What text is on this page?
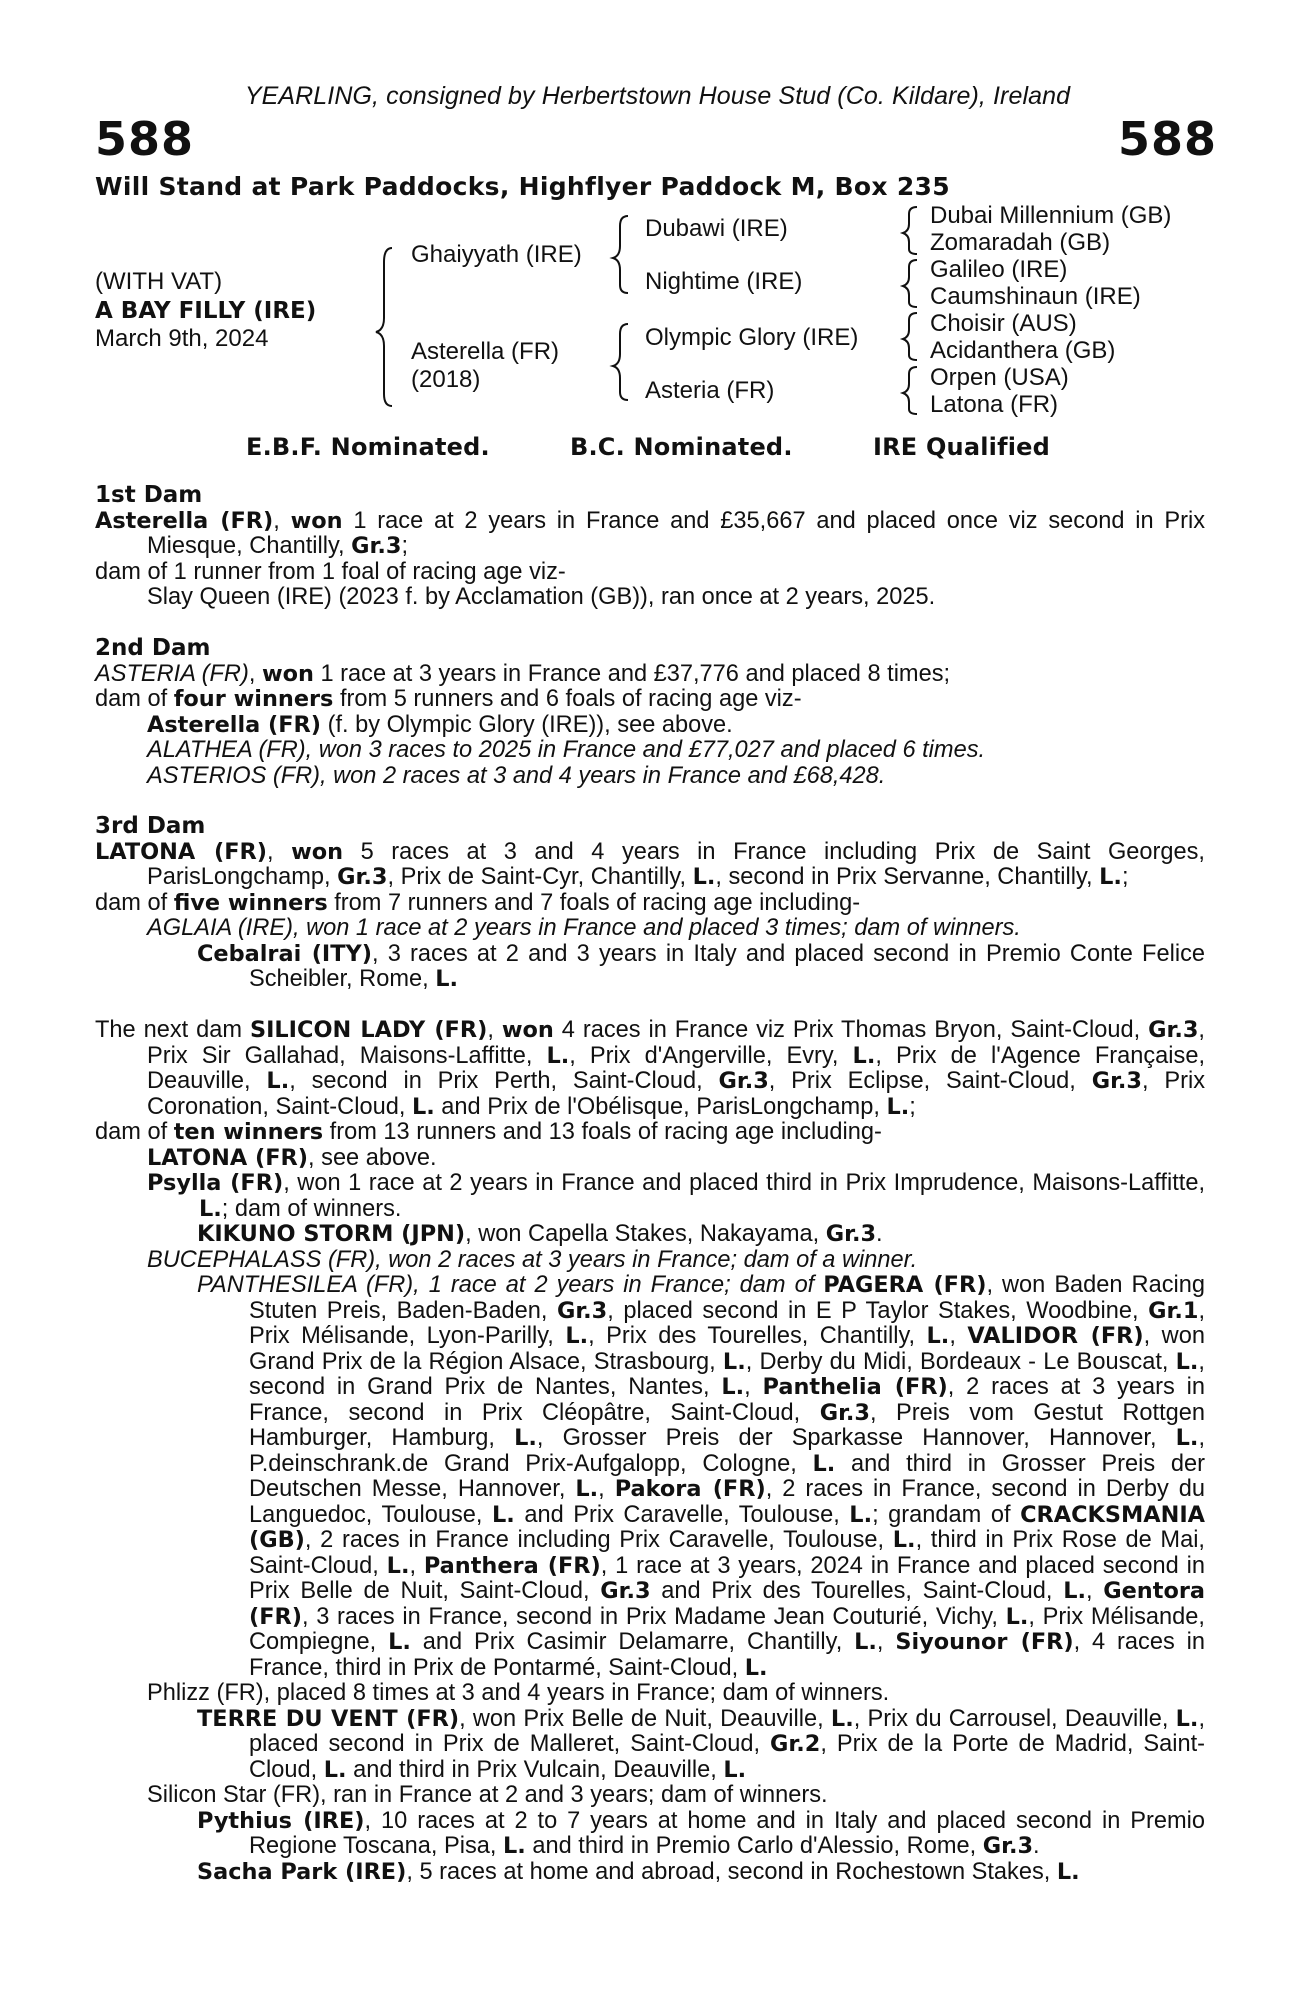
YEARLING, consigned by Herbertstown House Stud (Co. Kildare), Ireland
588	588
Will Stand at Park Paddocks, Highflyer Paddock M, Box 235
(WITH VAT)
A BAY FILLY (IRE)
March 9th, 2024
Ghaiyyath (IRE)
Asterella (FR)
(2018)
Dubawi (IRE)
Nightime (IRE)
Olympic Glory (IRE)
Asteria (FR)
Dubai Millennium (GB)
Zomaradah (GB)
Galileo (IRE)
Caumshinaun (IRE)
Choisir (AUS)
Acidanthera (GB)
Orpen (USA)
Latona (FR)
E.B.F. Nominated.	B.C. Nominated.	IRE Qualified
1st Dam
Asterella (FR), won 1 race at 2 years in France and £35,667 and placed once viz second in Prix Miesque, Chantilly, Gr.3;
dam of 1 runner from 1 foal of racing age viz-
Slay Queen (IRE) (2023 f. by Acclamation (GB)), ran once at 2 years, 2025.
2nd Dam
ASTERIA (FR), won 1 race at 3 years in France and £37,776 and placed 8 times;
dam of four winners from 5 runners and 6 foals of racing age viz-
Asterella (FR) (f. by Olympic Glory (IRE)), see above.
ALATHEA (FR), won 3 races to 2025 in France and £77,027 and placed 6 times.
ASTERIOS (FR), won 2 races at 3 and 4 years in France and £68,428.
3rd Dam
LATONA (FR), won 5 races at 3 and 4 years in France including Prix de Saint Georges, ParisLongchamp, Gr.3, Prix de Saint-Cyr, Chantilly, L., second in Prix Servanne, Chantilly, L.;
dam of five winners from 7 runners and 7 foals of racing age including-
AGLAIA (IRE), won 1 race at 2 years in France and placed 3 times; dam of winners.
Cebalrai (ITY), 3 races at 2 and 3 years in Italy and placed second in Premio Conte Felice Scheibler, Rome, L.
The next dam SILICON LADY (FR), won 4 races in France viz Prix Thomas Bryon, Saint-Cloud, Gr.3, Prix Sir Gallahad, Maisons-Laffitte, L., Prix d'Angerville, Evry, L., Prix de l'Agence Française, Deauville, L., second in Prix Perth, Saint-Cloud, Gr.3, Prix Eclipse, Saint-Cloud, Gr.3, Prix Coronation, Saint-Cloud, L. and Prix de l'Obélisque, ParisLongchamp, L.;
dam of ten winners from 13 runners and 13 foals of racing age including-
LATONA (FR), see above.
Psylla (FR), won 1 race at 2 years in France and placed third in Prix Imprudence, Maisons-Laffitte, L.; dam of winners.
KIKUNO STORM (JPN), won Capella Stakes, Nakayama, Gr.3.
BUCEPHALASS (FR), won 2 races at 3 years in France; dam of a winner.
PANTHESILEA (FR), 1 race at 2 years in France; dam of PAGERA (FR), won Baden Racing Stuten Preis, Baden-Baden, Gr.3, placed second in E P Taylor Stakes, Woodbine, Gr.1, Prix Mélisande, Lyon-Parilly, L., Prix des Tourelles, Chantilly, L., VALIDOR (FR), won Grand Prix de la Région Alsace, Strasbourg, L., Derby du Midi, Bordeaux - Le Bouscat, L., second in Grand Prix de Nantes, Nantes, L., Panthelia (FR), 2 races at 3 years in France, second in Prix Cléopâtre, Saint-Cloud, Gr.3, Preis vom Gestut Rottgen Hamburger, Hamburg, L., Grosser Preis der Sparkasse Hannover, Hannover, L., P.deinschrank.de Grand Prix-Aufgalopp, Cologne, L. and third in Grosser Preis der Deutschen Messe, Hannover, L., Pakora (FR), 2 races in France, second in Derby du Languedoc, Toulouse, L. and Prix Caravelle, Toulouse, L.; grandam of CRACKSMANIA (GB), 2 races in France including Prix Caravelle, Toulouse, L., third in Prix Rose de Mai, Saint-Cloud, L., Panthera (FR), 1 race at 3 years, 2024 in France and placed second in Prix Belle de Nuit, Saint-Cloud, Gr.3 and Prix des Tourelles, Saint-Cloud, L., Gentora (FR), 3 races in France, second in Prix Madame Jean Couturié, Vichy, L., Prix Mélisande, Compiegne, L. and Prix Casimir Delamarre, Chantilly, L., Siyounor (FR), 4 races in France, third in Prix de Pontarmé, Saint-Cloud, L.
Phlizz (FR), placed 8 times at 3 and 4 years in France; dam of winners.
TERRE DU VENT (FR), won Prix Belle de Nuit, Deauville, L., Prix du Carrousel, Deauville, L., placed second in Prix de Malleret, Saint-Cloud, Gr.2, Prix de la Porte de Madrid, Saint-Cloud, L. and third in Prix Vulcain, Deauville, L.
Silicon Star (FR), ran in France at 2 and 3 years; dam of winners.
Pythius (IRE), 10 races at 2 to 7 years at home and in Italy and placed second in Premio Regione Toscana, Pisa, L. and third in Premio Carlo d'Alessio, Rome, Gr.3.
Sacha Park (IRE), 5 races at home and abroad, second in Rochestown Stakes, L.
